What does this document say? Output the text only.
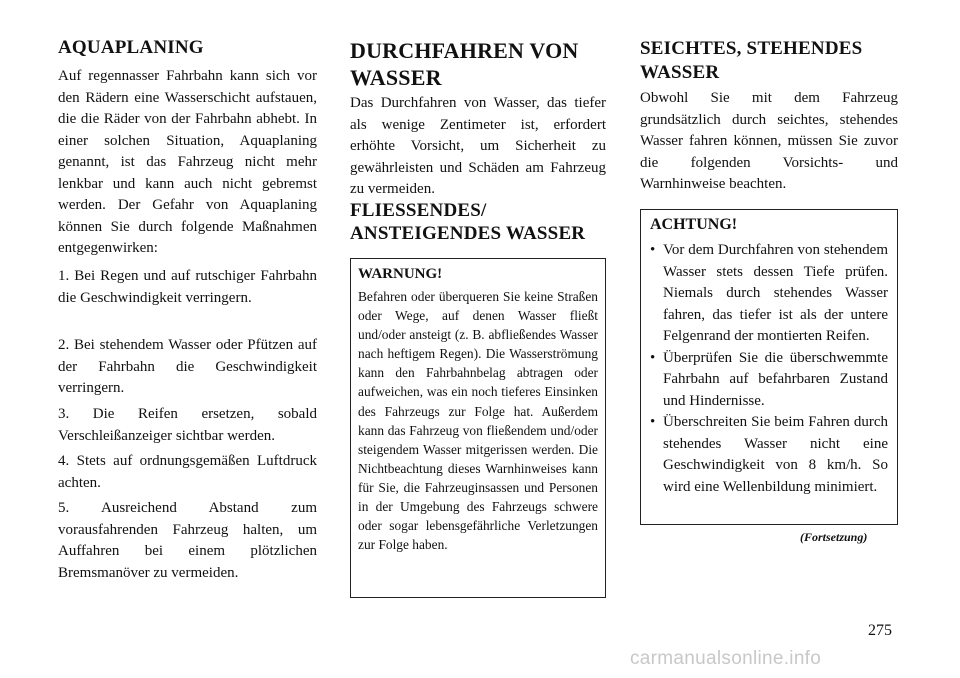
AQUAPLANING

Auf regennasser Fahrbahn kann sich vor den Rädern eine Wasserschicht aufstauen, die die Räder von der Fahrbahn abhebt. In einer solchen Situation, Aquaplaning genannt, ist das Fahrzeug nicht mehr lenkbar und kann auch nicht gebremst werden. Der Gefahr von Aquaplaning können Sie durch folgende Maßnahmen entgegenwirken:

1. Bei Regen und auf rutschiger Fahrbahn die Geschwindigkeit verringern.

2. Bei stehendem Wasser oder Pfützen auf der Fahrbahn die Geschwindigkeit verringern.

3. Die Reifen ersetzen, sobald Verschleißanzeiger sichtbar werden.

4. Stets auf ordnungsgemäßen Luftdruck achten.

5. Ausreichend Abstand zum vorausfahrenden Fahrzeug halten, um Auffahren bei einem plötzlichen Bremsmanöver zu vermeiden.

DURCHFAHREN VON WASSER

Das Durchfahren von Wasser, das tiefer als wenige Zentimeter ist, erfordert erhöhte Vorsicht, um Sicherheit zu gewährleisten und Schäden am Fahrzeug zu vermeiden.

FLIESSENDES/ ANSTEIGENDES WASSER
WARNUNG!

Befahren oder überqueren Sie keine Straßen oder Wege, auf denen Wasser fließt und/oder ansteigt (z. B. abfließendes Wasser nach heftigem Regen). Die Wasserströmung kann den Fahrbahnbelag abtragen oder aufweichen, was ein noch tieferes Einsinken des Fahrzeugs zur Folge hat. Außerdem kann das Fahrzeug von fließendem und/oder steigendem Wasser mitgerissen werden. Die Nichtbeachtung dieses Warnhinweises kann für Sie, die Fahrzeuginsassen und Personen in der Umgebung des Fahrzeugs schwere oder sogar lebensgefährliche Verletzungen zur Folge haben.

SEICHTES, STEHENDES WASSER

Obwohl Sie mit dem Fahrzeug grundsätzlich durch seichtes, stehendes Wasser fahren können, müssen Sie zuvor die folgenden Vorsichts- und Warnhinweise beachten.

ACHTUNG!
• Vor dem Durchfahren von stehendem Wasser stets dessen Tiefe prüfen. Niemals durch stehendes Wasser fahren, das tiefer ist als der untere Felgenrand der montierten Reifen.
• Überprüfen Sie die überschwemmte Fahrbahn auf befahrbaren Zustand und Hindernisse.
• Überschreiten Sie beim Fahren durch stehendes Wasser nicht eine Geschwindigkeit von 8 km/h. So wird eine Wellenbildung minimiert.
(Fortsetzung)
275
carmanualsonline.info
